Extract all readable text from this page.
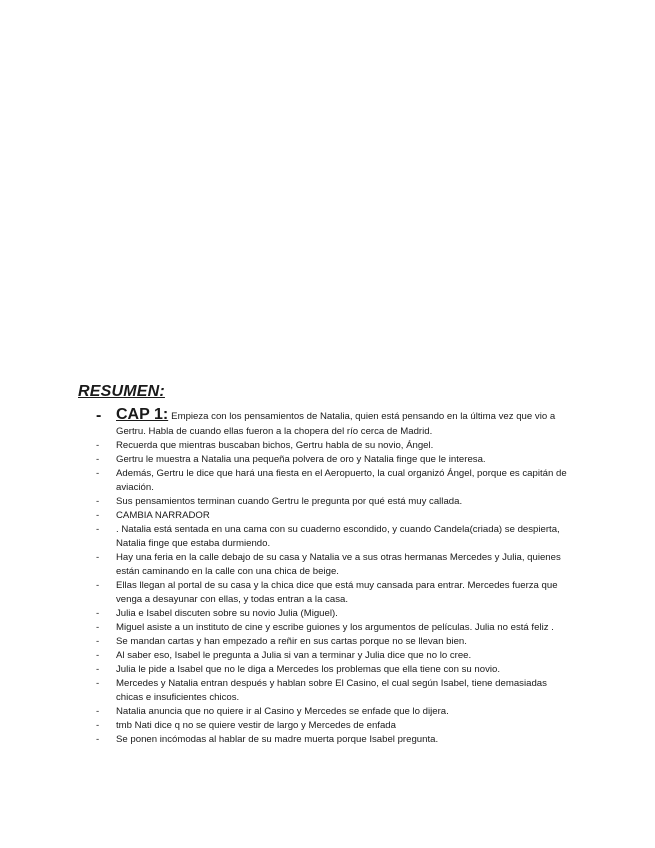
RESUMEN:
- CAP 1: Empieza con los pensamientos de Natalia, quien está pensando en la última vez que vio a Gertru. Habla de cuando ellas fueron a la chopera del río cerca de Madrid.
- Recuerda que mientras buscaban bichos, Gertru habla de su novio, Ángel.
- Gertru le muestra a Natalia una pequeña polvera de oro y Natalia finge que le interesa.
- Además, Gertru le dice que hará una fiesta en el Aeropuerto, la cual organizó Ángel, porque es capitán de aviación.
- Sus pensamientos terminan cuando Gertru le pregunta por qué está muy callada.
- CAMBIA NARRADOR
- . Natalia está sentada en una cama con su cuaderno escondido, y cuando Candela(criada) se despierta, Natalia finge que estaba durmiendo.
- Hay una feria en la calle debajo de su casa y Natalia ve a sus otras hermanas Mercedes y Julia, quienes están caminando en la calle con una chica de beige.
- Ellas llegan al portal de su casa y la chica dice que está muy cansada para entrar. Mercedes fuerza que venga a desayunar con ellas, y todas entran a la casa.
- Julia e Isabel discuten sobre su novio Julia (Miguel).
- Miguel asiste a un instituto de cine y escribe guiones y los argumentos de películas. Julia no está feliz .
- Se mandan cartas y han empezado a reñir en sus cartas porque no se llevan bien.
- Al saber eso, Isabel le pregunta a Julia si van a terminar y Julia dice que no lo cree.
- Julia le pide a Isabel que no le diga a Mercedes los problemas que ella tiene con su novio.
- Mercedes y Natalia entran después y hablan sobre El Casino, el cual según Isabel, tiene demasiadas chicas e insuficientes chicos.
- Natalia anuncia que no quiere ir al Casino y Mercedes se enfade que lo dijera.
- tmb Nati dice q no se quiere vestir de largo y Mercedes de enfada
- Se ponen incómodas al hablar de su madre muerta porque Isabel pregunta.
